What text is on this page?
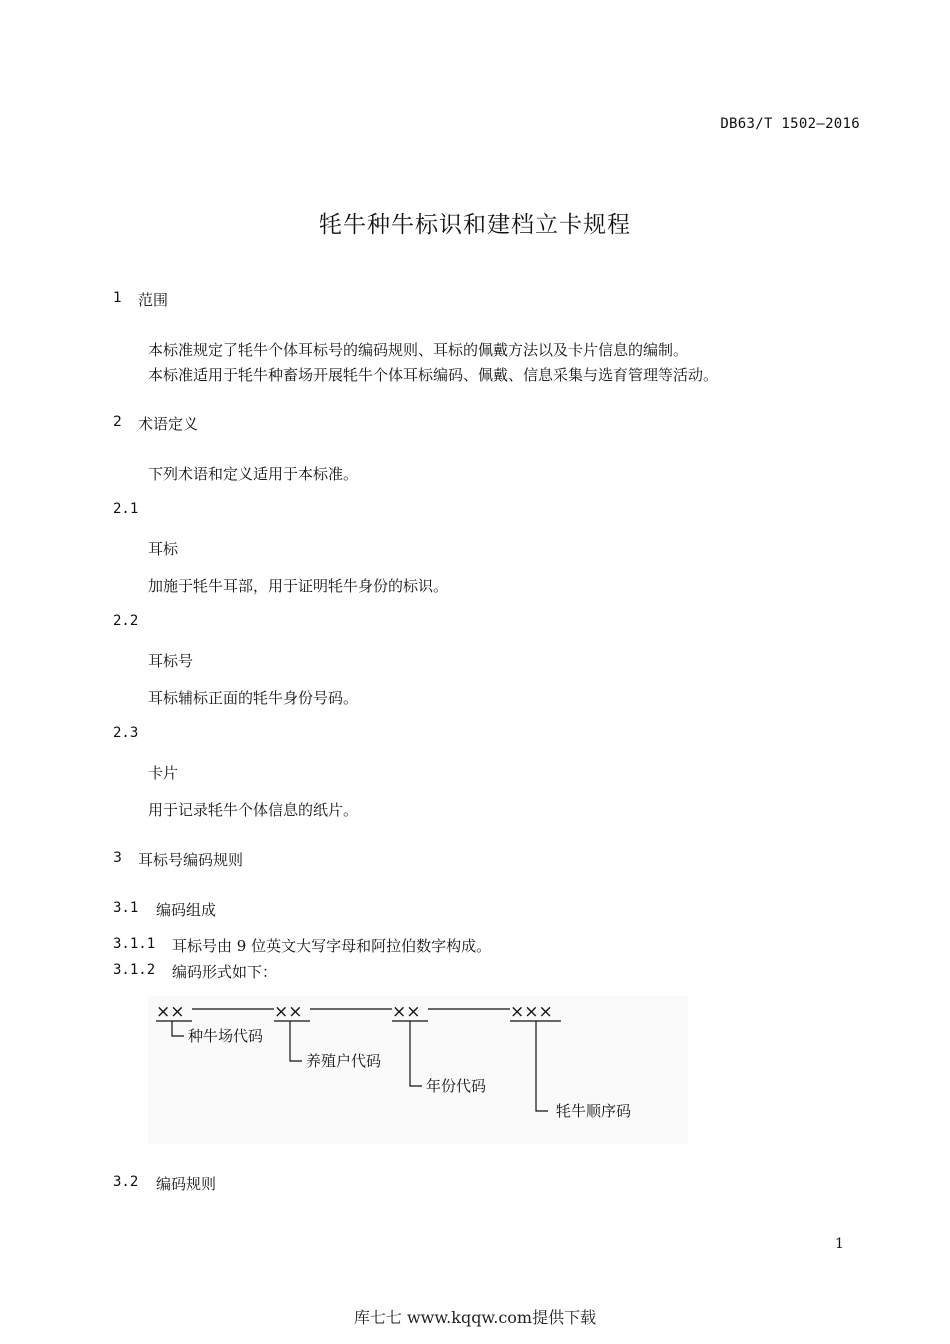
DB63/T 1502—2016
牦牛种牛标识和建档立卡规程
1 范围
本标准规定了牦牛个体耳标号的编码规则、耳标的佩戴方法以及卡片信息的编制。
本标准适用于牦牛种畜场开展牦牛个体耳标编码、佩戴、信息采集与选育管理等活动。
2 术语定义
下列术语和定义适用于本标准。
2.1
耳标
加施于牦牛耳部，用于证明牦牛身份的标识。
2.2
耳标号
耳标辅标正面的牦牛身份号码。
2.3
卡片
用于记录牦牛个体信息的纸片。
3 耳标号编码规则
3.1 编码组成
3.1.1 耳标号由 9 位英文大写字母和阿拉伯数字构成。
3.1.2 编码形式如下：
××	××	××	×××
种牛场代码
养殖户代码
年份代码
牦牛顺序码
3.2 编码规则
1
库七七 www.kqqw.com提供下载
